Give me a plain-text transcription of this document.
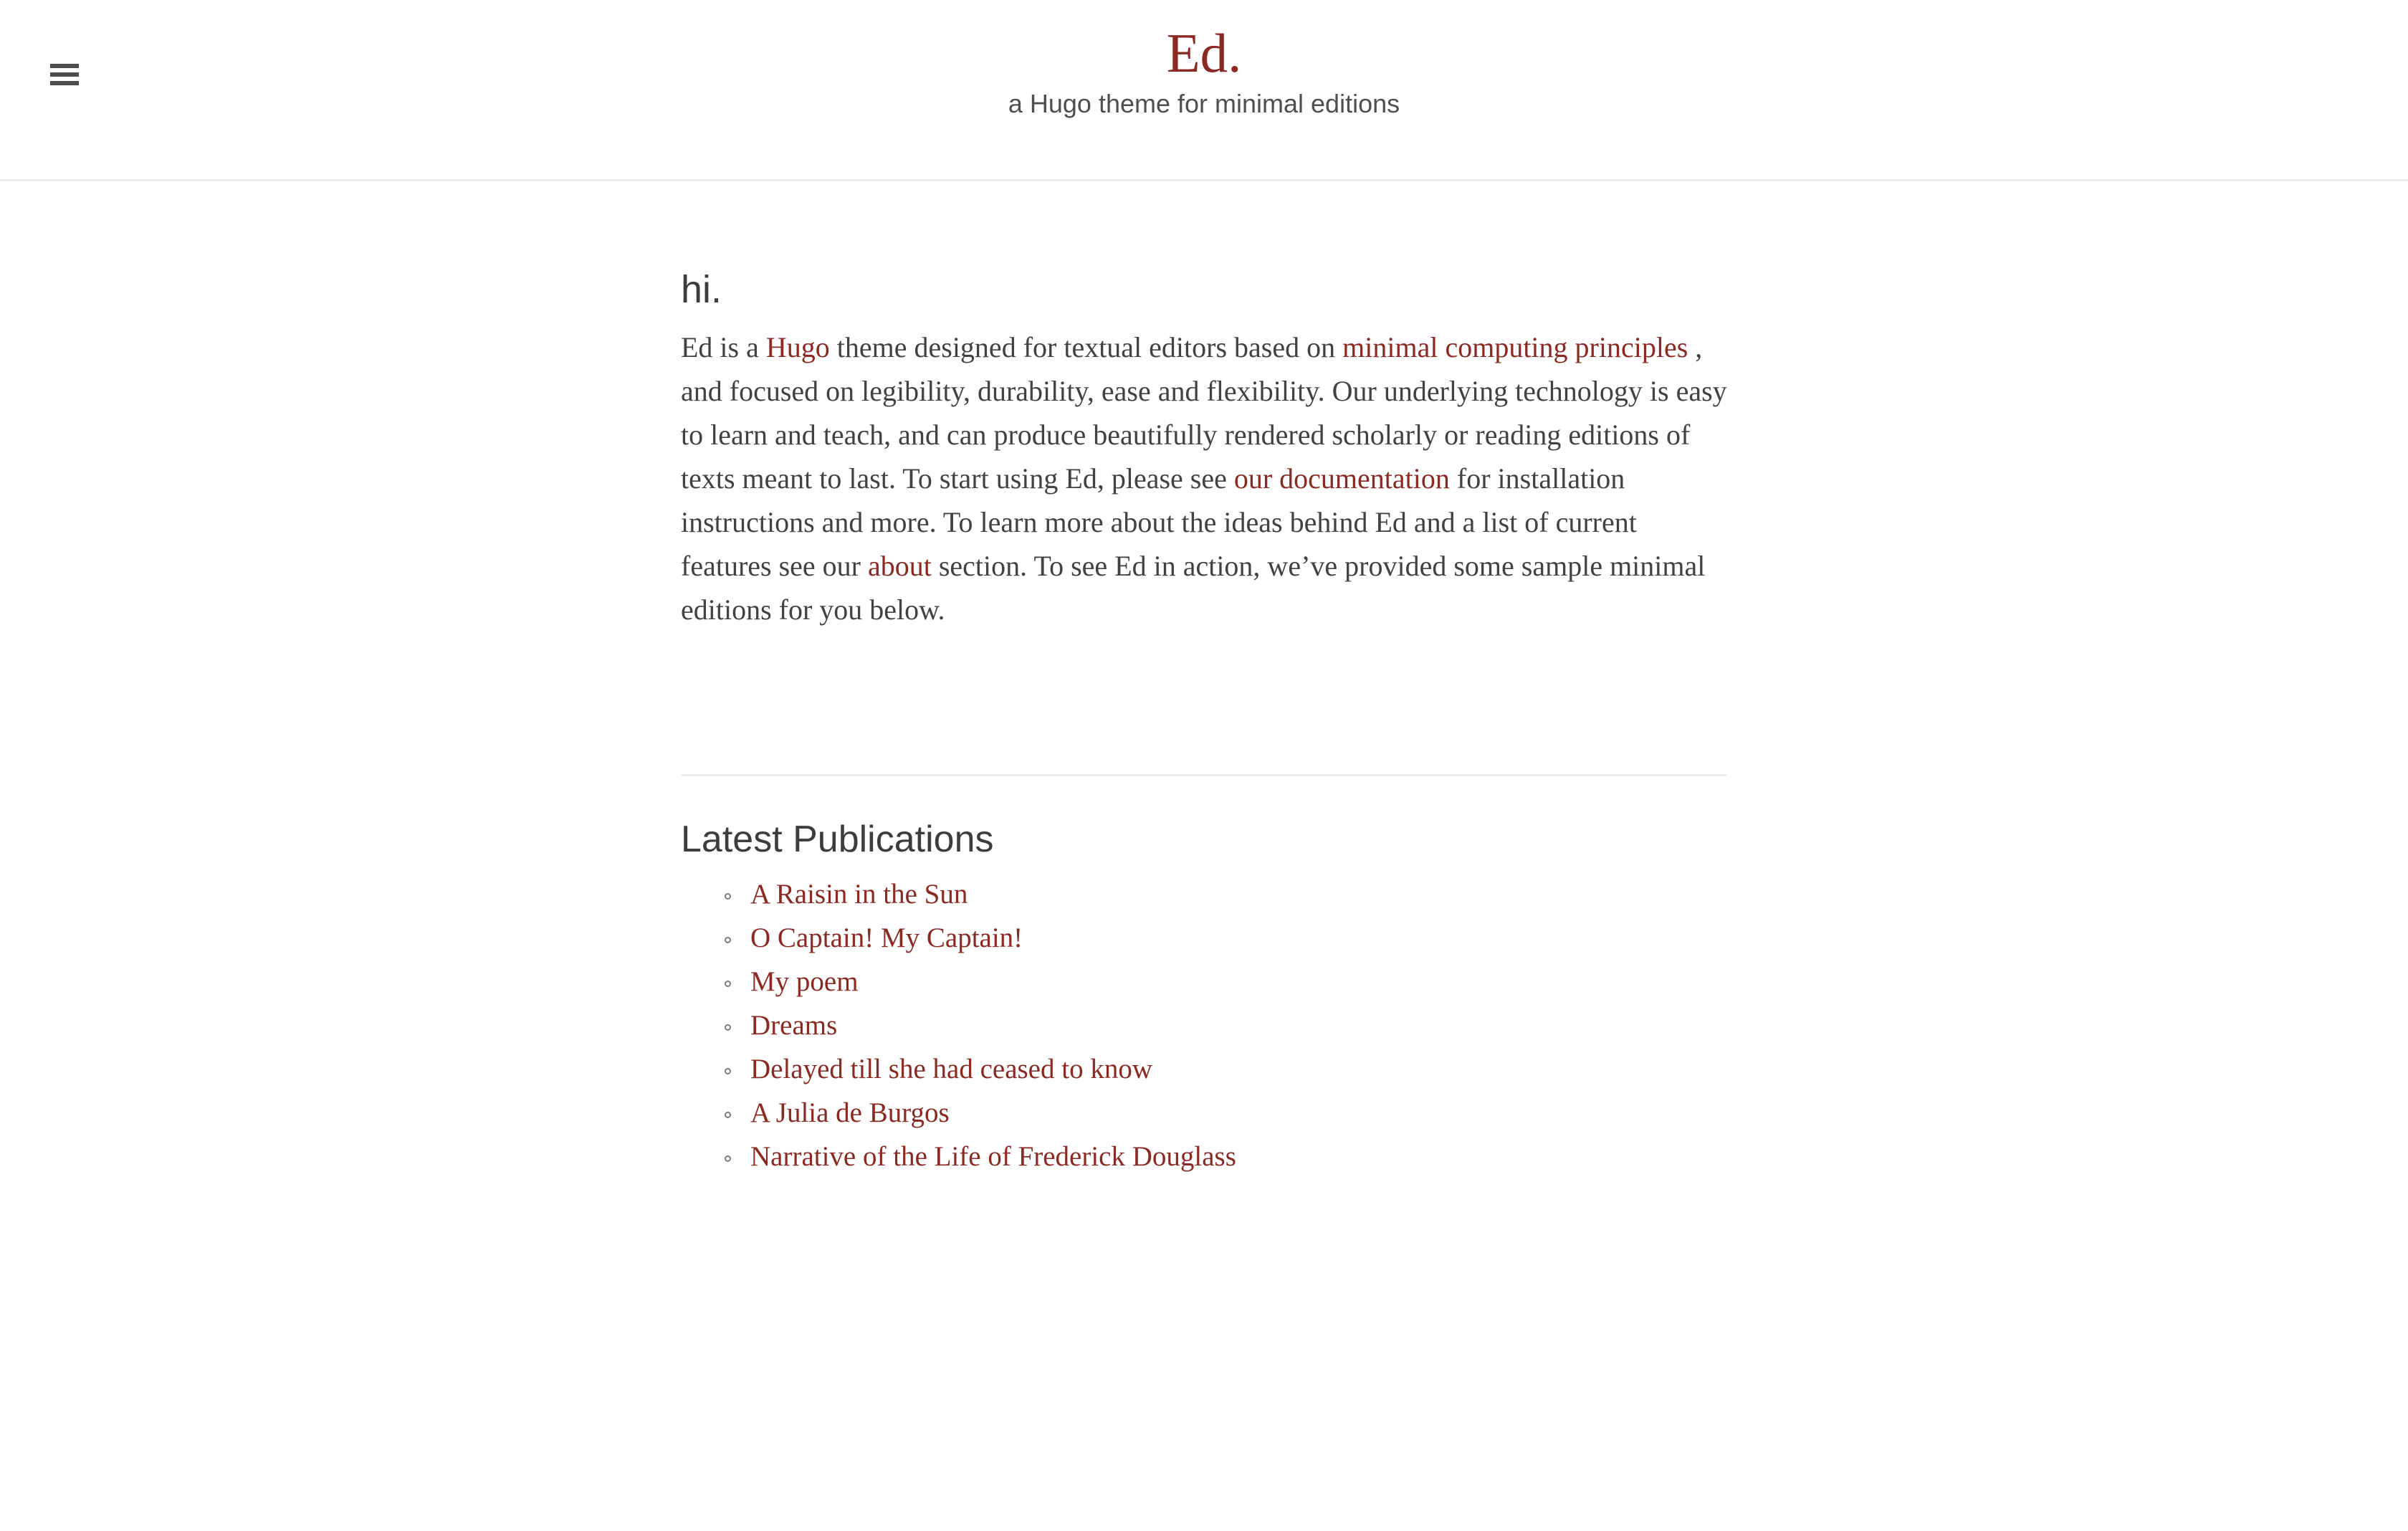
Ed.
a Hugo theme for minimal editions
hi.

Ed is a Hugo theme designed for textual editors based on minimal computing principles , and focused on legibility, durability, ease and flexibility. Our underlying technology is easy to learn and teach, and can produce beautifully rendered scholarly or reading editions of texts meant to last. To start using Ed, please see our documentation for installation instructions and more. To learn more about the ideas behind Ed and a list of current features see our about section. To see Ed in action, we’ve provided some sample minimal editions for you below.

Latest Publications
A Raisin in the Sun
O Captain! My Captain!
My poem
Dreams
Delayed till she had ceased to know
A Julia de Burgos
Narrative of the Life of Frederick Douglass
